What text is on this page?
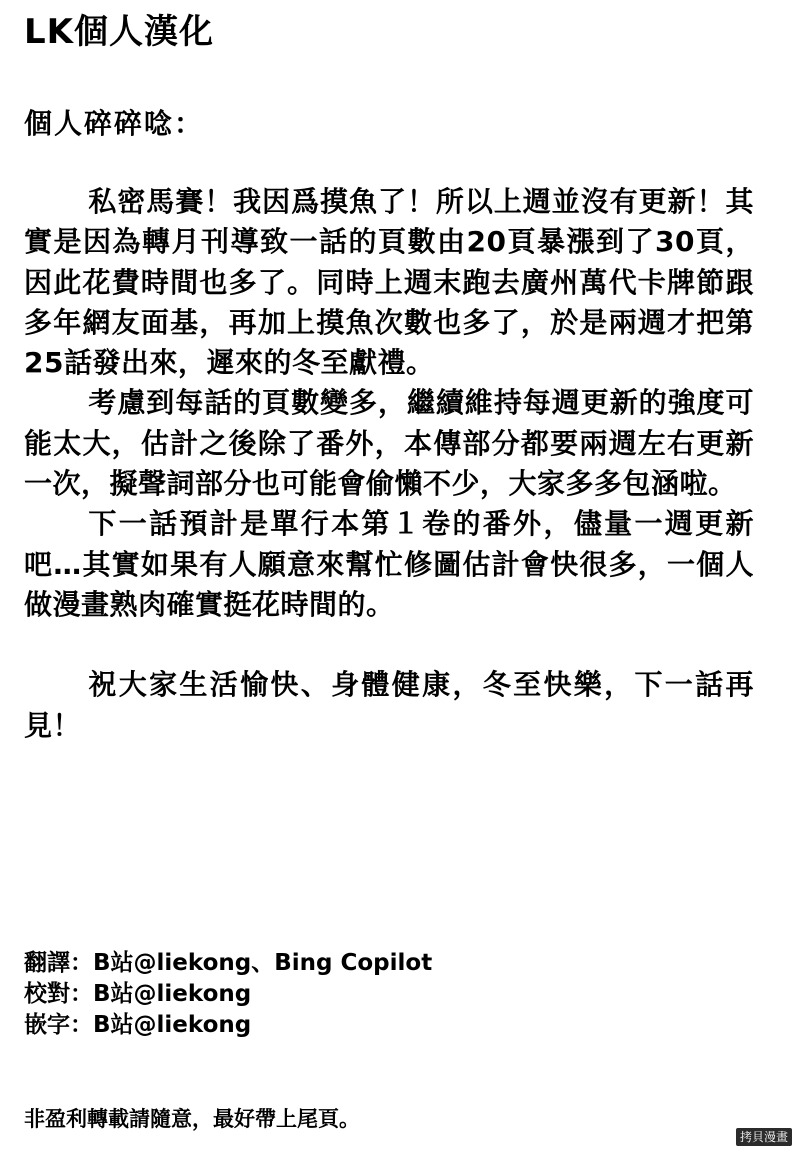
LK個人漢化
個人碎碎唸：

私密馬賽！我因爲摸魚了！所以上週並沒有更新！其實是因為轉月刊導致一話的頁數由20頁暴漲到了30頁，因此花費時間也多了。同時上週末跑去廣州萬代卡牌節跟多年網友面基，再加上摸魚次數也多了，於是兩週才把第25話發出來，遲來的冬至獻禮。

考慮到每話的頁數變多，繼續維持每週更新的強度可能太大，估計之後除了番外，本傳部分都要兩週左右更新一次，擬聲詞部分也可能會偷懶不少，大家多多包涵啦。

下一話預計是單行本第１卷的番外，儘量一週更新吧…其實如果有人願意來幫忙修圖估計會快很多，一個人做漫畫熟肉確實挺花時間的。

祝大家生活愉快、身體健康，冬至快樂，下一話再見！

翻譯：B站@liekong、Bing Copilot
校對：B站@liekong
嵌字：B站@liekong
非盈利轉載請隨意，最好帶上尾頁。
拷貝漫畫
